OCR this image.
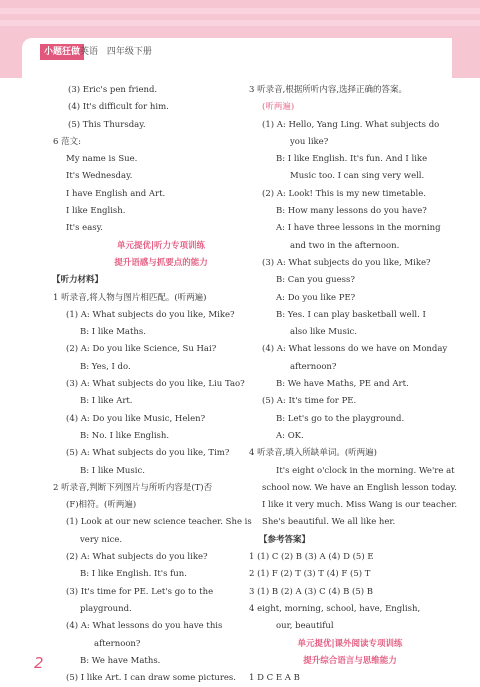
小题狂做 英语 四年级下册
(3) Eric's pen friend.
(4) It's difficult for him.
(5) This Thursday.
6 范文:
My name is Sue.
It's Wednesday.
I have English and Art.
I like English.
It's easy.
单元提优|听力专项训练
提升语感与抓要点的能力
【听力材料】
1 听录音,将人物与图片相匹配。(听两遍)
(1) A: What subjects do you like, Mike?
B: I like Maths.
(2) A: Do you like Science, Su Hai?
B: Yes, I do.
(3) A: What subjects do you like, Liu Tao?
B: I like Art.
(4) A: Do you like Music, Helen?
B: No. I like English.
(5) A: What subjects do you like, Tim?
B: I like Music.
2 听录音,判断下列图片与所听内容是(T)否
(F)相符。(听两遍)
(1) Look at our new science teacher. She is
very nice.
(2) A: What subjects do you like?
B: I like English. It's fun.
(3) It's time for PE. Let's go to the
playground.
(4) A: What lessons do you have this
afternoon?
B: We have Maths.
(5) I like Art. I can draw some pictures.
3 听录音,根据所听内容,选择正确的答案。
(听两遍)
(1) A: Hello, Yang Ling. What subjects do
you like?
B: I like English. It's fun. And I like
Music too. I can sing very well.
(2) A: Look! This is my new timetable.
B: How many lessons do you have?
A: I have three lessons in the morning
and two in the afternoon.
(3) A: What subjects do you like, Mike?
B: Can you guess?
A: Do you like PE?
B: Yes. I can play basketball well. I
also like Music.
(4) A: What lessons do we have on Monday
afternoon?
B: We have Maths, PE and Art.
(5) A: It's time for PE.
B: Let's go to the playground.
A: OK.
4 听录音,填入所缺单词。(听两遍)
It's eight o'clock in the morning. We're at
school now. We have an English lesson today.
I like it very much. Miss Wang is our teacher.
She's beautiful. We all like her.
【参考答案】
1 (1) C (2) B (3) A (4) D (5) E
2 (1) F (2) T (3) T (4) F (5) T
3 (1) B (2) A (3) C (4) B (5) B
4 eight, morning, school, have, English,
our, beautiful
单元提优|课外阅读专项训练
提升综合语言与思维能力
1 D C E A B
2
